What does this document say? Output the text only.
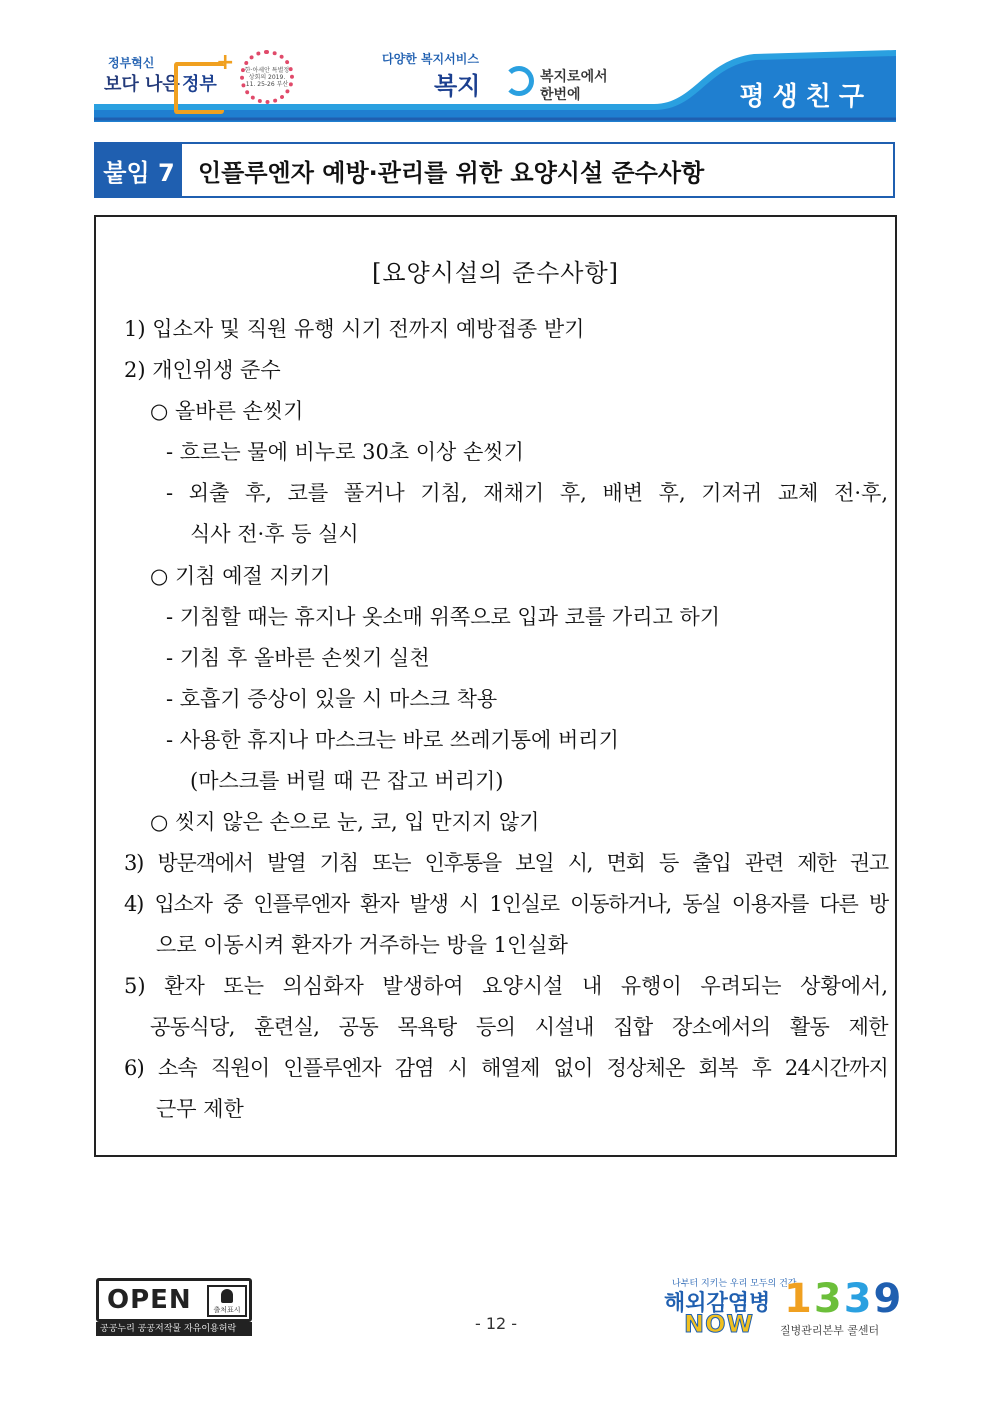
정부혁신
보다 나은 정부
+ 한·아세안 특별정상회의 2019. 11. 25-26 부산
다양한 복지서비스
복지	복지로에서
한번에	평생친구
붙임 7 인플루엔자 예방·관리를 위한 요양시설 준수사항
[요양시설의 준수사항]
1) 입소자 및 직원 유행 시기 전까지 예방접종 받기
2) 개인위생 준수
○ 올바른 손씻기
- 흐르는 물에 비누로 30초 이상 손씻기
- 외출 후, 코를 풀거나 기침, 재채기 후, 배변 후, 기저귀 교체 전·후,
식사 전·후 등 실시
○ 기침 예절 지키기
- 기침할 때는 휴지나 옷소매 위쪽으로 입과 코를 가리고 하기
- 기침 후 올바른 손씻기 실천
- 호흡기 증상이 있을 시 마스크 착용
- 사용한 휴지나 마스크는 바로 쓰레기통에 버리기
(마스크를 버릴 때 끈 잡고 버리기)
○ 씻지 않은 손으로 눈, 코, 입 만지지 않기
3) 방문객에서 발열 기침 또는 인후통을 보일 시, 면회 등 출입 관련 제한 권고
4) 입소자 중 인플루엔자 환자 발생 시 1인실로 이동하거나, 동실 이용자를 다른 방
으로 이동시켜 환자가 거주하는 방을 1인실화
5) 환자 또는 의심화자 발생하여 요양시설 내 유행이 우려되는 상황에서,
공동식당, 훈련실, 공동 목욕탕 등의 시설내 집합 장소에서의 활동 제한
6) 소속 직원이 인플루엔자 감염 시 해열제 없이 정상체온 회복 후 24시간까지
근무 제한
OPEN	출처표시
공공누리 공공저작물 자유이용허락	- 12 -
나부터 지키는 우리 모두의 건강
해외감염병
NOW
1339
질병관리본부 콜센터
